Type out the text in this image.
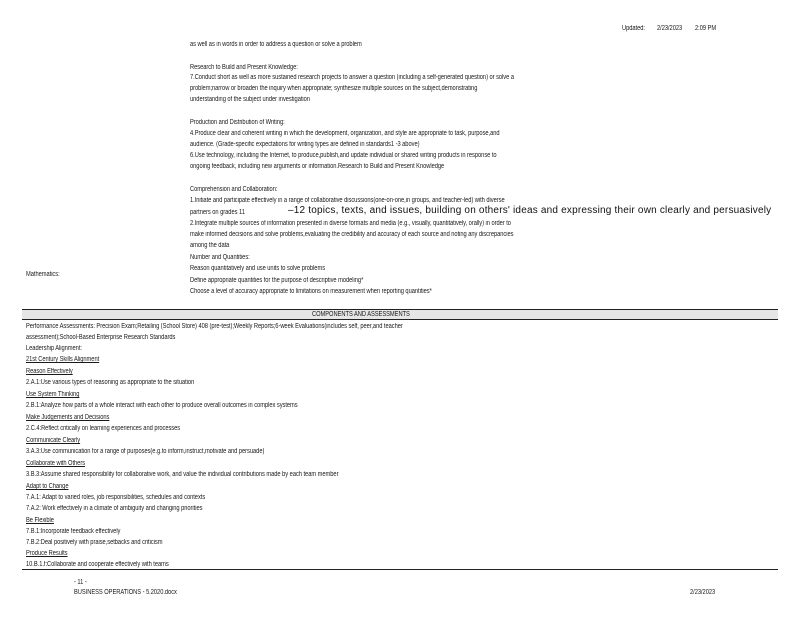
Updated: 2/23/2023 2:09 PM
as well as in words in order to address a question or solve a problem
Research to Build and Present Knowledge:
7.Conduct short as well as more sustained research projects to answer a question (including a self-generated question) or solve a
problem;narrow or broaden the inquiry when appropriate; synthesize multiple sources on the subject,demonstrating
understanding of the subject under investigation
Production and Distribution of Writing:
4.Produce clear and coherent writing in which the development, organization, and style are appropriate to task, purpose,and
audience. (Grade-specific expectations for writing types are defined in standards1 -3 above)
6.Use technology, including the Internet, to produce,publish,and update individual or shared writing products in response to
ongoing feedback, including new arguments or information.Research to Build and Present Knowledge
Comprehension and Collaboration:
1.Initiate and participate effectively in a range of collaborative discussions(one-on-one,in groups, and teacher-led) with diverse
partners on grades 11	–12 topics, texts, and issues, building on others' ideas and expressing their own clearly and persuasively
2.Integrate multiple sources of information presented in diverse formats and media (e.g., visually, quantitatively, orally) in order to
make informed decisions and solve problems,evaluating the credibility and accuracy of each source and noting any discrepancies
among the data
Mathematics:
Number and Quantities:
Reason quantitatively and use units to solve problems
Define appropriate quantities for the purpose of descriptive modeling*
Choose a level of accuracy appropriate to limitations on measurement when reporting quantities*
COMPONENTS AND ASSESSMENTS
Performance Assessments: Precision Exam;Retailing (School Store) 408 (pre-test);Weekly Reports;6-week Evaluations(includes self, peer,and teacher
assessment);School-Based Enterprise Research Standards
Leadership Alignment:
21st Century Skills Alignment
Reason Effectively
2.A.1:Use various types of reasoning as appropriate to the situation
Use System Thinking
2.B.1:Analyze how parts of a whole interact with each other to produce overall outcomes in complex systems
Make Judgements and Decisions
2.C.4:Reflect critically on learning experiences and processes
Communicate Clearly
3.A.3:Use communication for a range of purposes(e.g.to inform,instruct,motivate and persuade)
Collaborate with Others
3.B.3:Assume shared responsibility for collaborative work, and value the individual contributions made by each team member
Adapt to Change
7.A.1: Adapt to varied roles, job responsibilities, schedules and contexts
7.A.2: Work effectively in a climate of ambiguity and changing priorities
Be Flexible
7.B.1:Incorporate feedback effectively
7.B.2:Deal positively with praise,setbacks and criticism
Produce Results
10.B.1.f:Collaborate and cooperate effectively with teams
- 11 -
BUSINESS OPERATIONS - 5.2020.docx	2/23/2023
